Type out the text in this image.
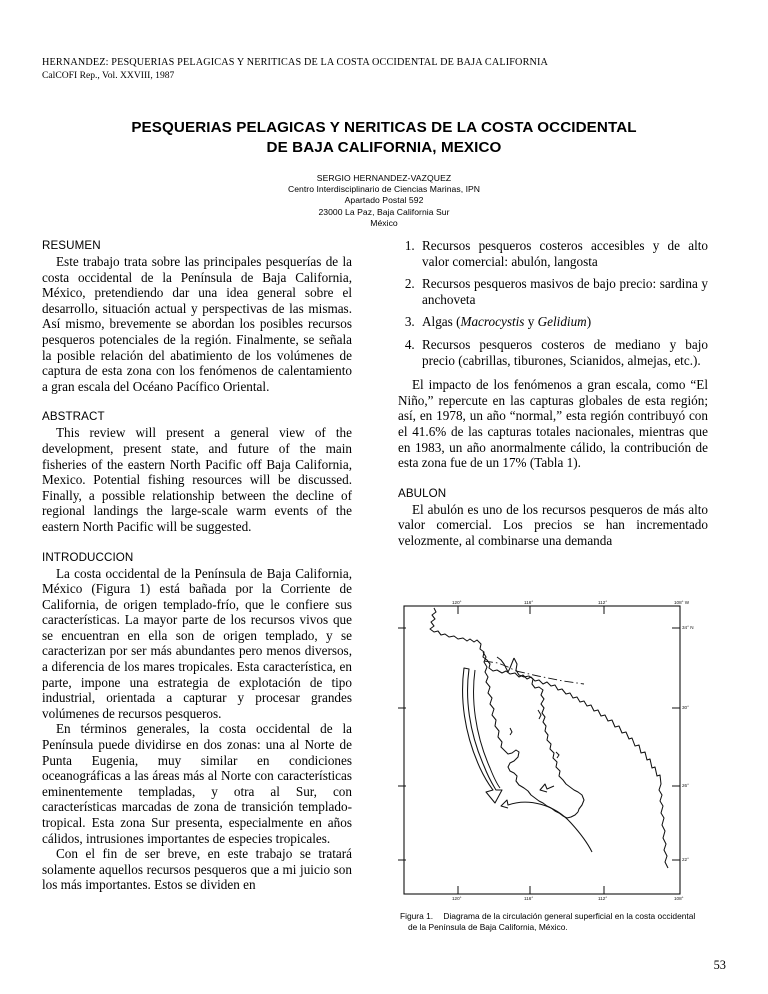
HERNANDEZ: PESQUERIAS PELAGICAS Y NERITICAS DE LA COSTA OCCIDENTAL DE BAJA CALIFORNIA
CalCOFI Rep., Vol. XXVIII, 1987
PESQUERIAS PELAGICAS Y NERITICAS DE LA COSTA OCCIDENTAL
DE BAJA CALIFORNIA, MEXICO
SERGIO HERNANDEZ-VAZQUEZ
Centro Interdisciplinario de Ciencias Marinas, IPN
Apartado Postal 592
23000 La Paz, Baja California Sur
México
RESUMEN

Este trabajo trata sobre las principales pesquerías de la costa occidental de la Península de Baja California, México, pretendiendo dar una idea general sobre el desarrollo, situación actual y perspectivas de las mismas. Así mismo, brevemente se abordan los posibles recursos pesqueros potenciales de la región. Finalmente, se señala la posible relación del abatimiento de los volúmenes de captura de esta zona con los fenómenos de calentamiento a gran escala del Océano Pacífico Oriental.

ABSTRACT

This review will present a general view of the development, present state, and future of the main fisheries of the eastern North Pacific off Baja California, Mexico. Potential fishing resources will be discussed. Finally, a possible relationship between the decline of regional landings the large-scale warm events of the eastern North Pacific will be suggested.

INTRODUCCION

La costa occidental de la Península de Baja California, México (Figura 1) está bañada por la Corriente de California, de origen templado-frío, que le confiere sus características. La mayor parte de los recursos vivos que se encuentran en ella son de origen templado, y se caracterizan por ser más abundantes pero menos diversos, a diferencia de los mares tropicales. Esta característica, en parte, impone una estrategia de explotación de tipo industrial, orientada a capturar y procesar grandes volúmenes de recursos pesqueros.

En términos generales, la costa occidental de la Península puede dividirse en dos zonas: una al Norte de Punta Eugenia, muy similar en condiciones oceanográficas a las áreas más al Norte con características eminentemente templadas, y otra al Sur, con características marcadas de zona de transición templado-tropical. Esta zona Sur presenta, especialmente en años cálidos, intrusiones importantes de especies tropicales.

Con el fin de ser breve, en este trabajo se tratará solamente aquellos recursos pesqueros que a mi juicio son los más importantes. Estos se dividen en

1. Recursos pesqueros costeros accesibles y de alto valor comercial: abulón, langosta
2. Recursos pesqueros masivos de bajo precio: sardina y anchoveta
3. Algas (Macrocystis y Gelidium)
4. Recursos pesqueros costeros de mediano y bajo precio (cabrillas, tiburones, Scianidos, almejas, etc.).

El impacto de los fenómenos a gran escala, como “El Niño,” repercute en las capturas globales de esta región; así, en 1978, un año “normal,” esta región contribuyó con el 41.6% de las capturas totales nacionales, mientras que en 1983, un año anormalmente cálido, la contribución de esta zona fue de un 17% (Tabla 1).

ABULON

El abulón es uno de los recursos pesqueros de más alto valor comercial. Los precios se han incrementado velozmente, al combinarse una demanda

120°	116°	112°	108° W
120°	116°	112°	108°
34° N
30°
26°
22°
Figura 1. Diagrama de la circulación general superficial en la costa occidental
de la Península de Baja California, México.
53
